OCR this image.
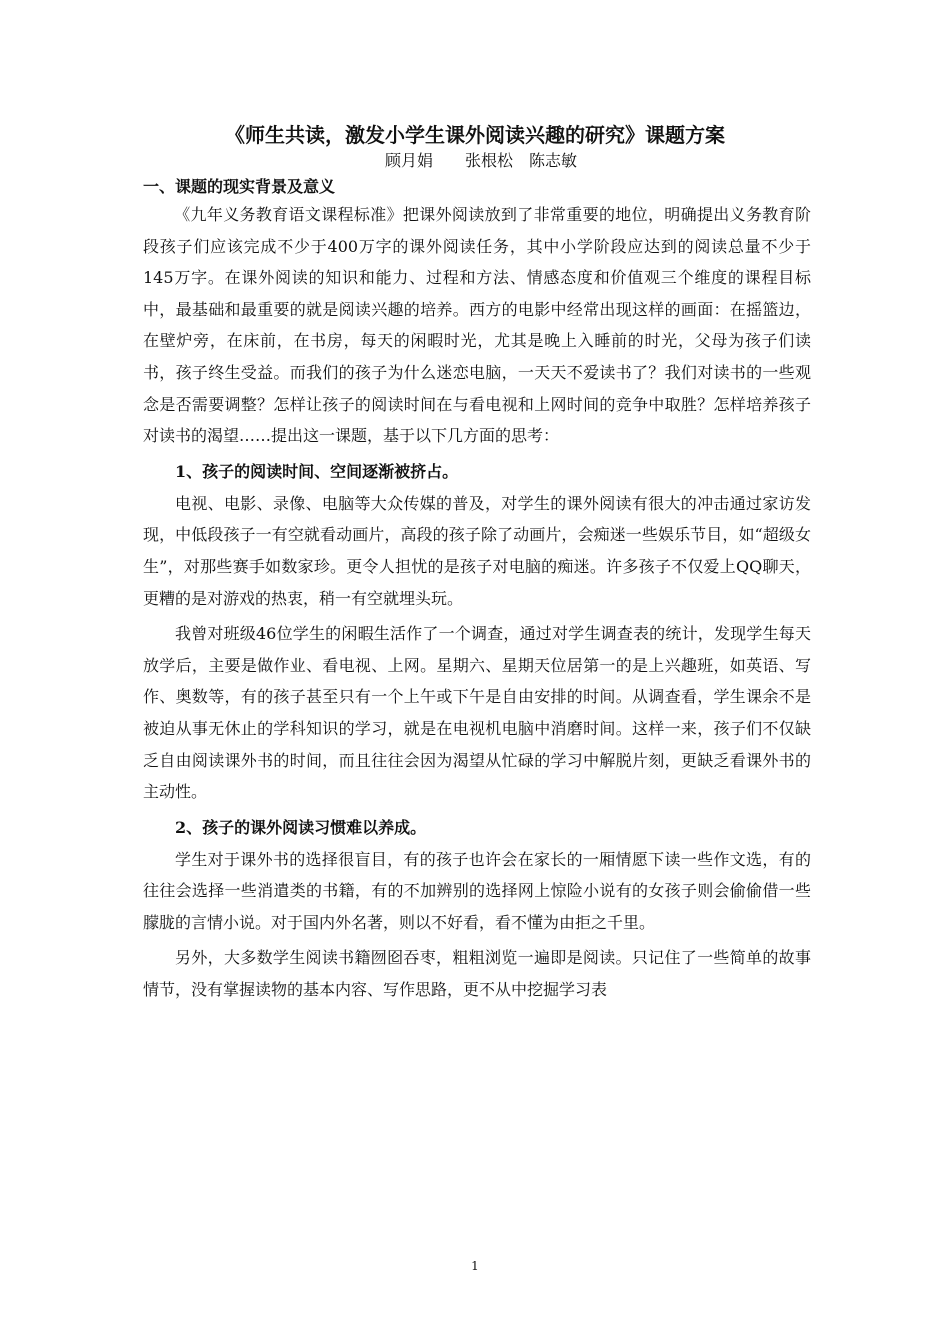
《师生共读，激发小学生课外阅读兴趣的研究》课题方案
顾月娟　　张根松　陈志敏
一、课题的现实背景及意义

《九年义务教育语文课程标准》把课外阅读放到了非常重要的地位，明确提出义务教育阶段孩子们应该完成不少于400万字的课外阅读任务，其中小学阶段应达到的阅读总量不少于145万字。在课外阅读的知识和能力、过程和方法、情感态度和价值观三个维度的课程目标中，最基础和最重要的就是阅读兴趣的培养。西方的电影中经常出现这样的画面：在摇篮边，在壁炉旁，在床前，在书房，每天的闲暇时光，尤其是晚上入睡前的时光，父母为孩子们读书，孩子终生受益。而我们的孩子为什么迷恋电脑，一天天不爱读书了？我们对读书的一些观念是否需要调整？怎样让孩子的阅读时间在与看电视和上网时间的竞争中取胜？怎样培养孩子对读书的渴望……提出这一课题，基于以下几方面的思考：

1、孩子的阅读时间、空间逐渐被挤占。

电视、电影、录像、电脑等大众传媒的普及，对学生的课外阅读有很大的冲击通过家访发现，中低段孩子一有空就看动画片，高段的孩子除了动画片，会痴迷一些娱乐节目，如“超级女生”，对那些赛手如数家珍。更令人担忧的是孩子对电脑的痴迷。许多孩子不仅爱上QQ聊天，更糟的是对游戏的热衷，稍一有空就埋头玩。

我曾对班级46位学生的闲暇生活作了一个调查，通过对学生调查表的统计，发现学生每天放学后，主要是做作业、看电视、上网。星期六、星期天位居第一的是上兴趣班，如英语、写作、奥数等，有的孩子甚至只有一个上午或下午是自由安排的时间。从调查看，学生课余不是被迫从事无休止的学科知识的学习，就是在电视机电脑中消磨时间。这样一来，孩子们不仅缺乏自由阅读课外书的时间，而且往往会因为渴望从忙碌的学习中解脱片刻，更缺乏看课外书的主动性。

2、孩子的课外阅读习惯难以养成。

学生对于课外书的选择很盲目，有的孩子也许会在家长的一厢情愿下读一些作文选，有的往往会选择一些消遣类的书籍，有的不加辨别的选择网上惊险小说有的女孩子则会偷偷借一些朦胧的言情小说。对于国内外名著，则以不好看，看不懂为由拒之千里。

另外，大多数学生阅读书籍囫囵吞枣，粗粗浏览一遍即是阅读。只记住了一些简单的故事情节，没有掌握读物的基本内容、写作思路，更不从中挖掘学习表

1
